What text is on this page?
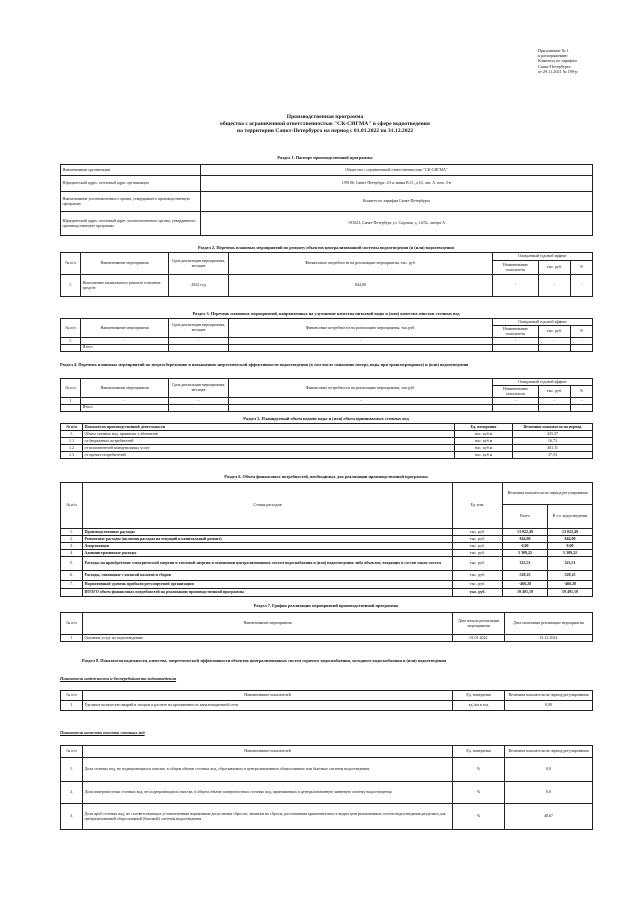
Приложение № 1
к распоряжению
Комитета по тарифам
Санкт-Петербурга
от 29.11.2021 № 199-р
Производственная программа
общества с ограниченной ответственностью "СК-СИГМА" в сфере водоотведения
на территории Санкт-Петербурга на период с 01.01.2022 по 31.12.2022
Раздел 1. Паспорт производственной программы
Наименование организации	Общество с ограниченной ответственностью "СК-СИГМА"
Юридический адрес, почтовый адрес организации	199106, Санкт-Петербург, 23-я линия В.О., д.10, лит. А, пом. 3-н
Наименование уполномоченного органа, утвердившего производственную программу	Комитет по тарифам Санкт-Петербурга
Юридический адрес, почтовый адрес уполномоченного органа, утвердившего производственную программу	191023, Санкт-Петербург, ул. Садовая, д. 14/52, литера А
Раздел 2. Перечень плановых мероприятий по ремонту объектов централизованной системы водоотведения (и (или) водоотведения
№ п/п	Наименование мероприятия	Срок реализации мероприятия, месяцев	Финансовые потребности на реализацию мероприятия, тыс. руб.	Ожидаемый годовой эффект		
				Наименование показателя	тыс. руб.	%
1.	Выполнение капитального ремонта основных средств	2022 год	844,00	-	-	-
Раздел 3. Перечень плановых мероприятий, направленных на улучшение качества питьевой воды и (или) качества очистки сточных вод
№ п/п	Наименование мероприятия	Срок реализации мероприятия, месяцев	Финансовые потребности на реализацию мероприятия, тыс.руб.	Ожидаемый годовой эффект		
				Наименование показателя	тыс. руб.	%
1.	-	-	-	-	-	-
	Итого					
Раздел 4. Перечень плановых мероприятий по энергосбережению и повышению энергетической эффективности водоотведения (в том числе снижению потерь воды при транспортировке) и (или) водоотведения
№ п/п	Наименование мероприятия	Срок реализации мероприятия, месяцев	Финансовые потребности на реализацию мероприятия, тыс.руб.	Ожидаемый годовой эффект		
				Наименование показателя	тыс. руб.	%
1	-	-	-	-	-	-
	Итого					
Раздел 5. Планируемый объем подачи воды и (или) объем принимаемых сточных вод
№ п/п	Показатели производственной деятельности	Ед. измерения	Величина показателя на период
1.	Объем сточных вод, принятых у абонентов	тыс. куб.м	435,37
1.1	от бюджетных потребителей	тыс. куб.м	16,72
1.2	от исполнителей коммунальных услуг	тыс. куб.м	381,11
1.3	от прочих потребителей	тыс. куб.м	37,53
Раздел 6. Объем финансовых потребностей, необходимых для реализации производственной программы
№ п/п	Статьи расходов	Ед. изм.	Величина показателя на период регулирования	
			Всего	В т.ч. водоотведение
1.	Производственные расходы	тыс. руб.	13 022,49	13 022,49
2.	Ремонтные расходы (включая расходы на текущий и капитальный ремонт)	тыс. руб.	844,00	844,00
3.	Амортизация	тыс. руб.	0,00	0,00
4.	Административные расходы	тыс. руб.	5 309,22	5 309,22
5.	Расходы на приобретение электрической энергии и тепловой энергии в отношении централизованных систем водоснабжения и (или) водоотведения либо объектов, входящих в состав таких систем	тыс. руб.	323,51	323,51
6.	Расходы, связанные с оплатой налогов и сборов	тыс. руб.	528,25	528,25
7.	Нормативный уровень прибыли регулируемой организации	тыс. руб.	-466,28	-466,28
	ИТОГО объем финансовых потребностей на реализацию производственной программы	тыс. руб.	19 491,19	19 491,19
Раздел 7. График реализации мероприятий производственной программы
№ п/п	Наименование мероприятия	Дата начала реализации мероприятия	Дата окончания реализации мероприятия
1	Оказание услуг по водоотведению	01.01.2022	31.12.2022
Раздел 8. Показатели надежности, качества, энергетической эффективности объектов централизованных систем горячего водоснабжения, холодного водоснабжения и (или) водоотведения
Показатели надежности и бесперебойности водоотведения
№ п/п	Наименование показателей	Ед. измерения	Величина показателя на период регулирования
1	Удельное количество аварий и засоров в расчете на протяженность канализационной сети	ед./км в год	0,00
Показатели качества очистки сточных вод
№ п/п	Наименование показателей	Ед. измерения	Величина показателя на период регулирования
1.	Доля сточных вод, не подвергающихся очистке, в общем объеме сточных вод, сбрасываемых в централизованные общесплавные или бытовые системы водоотведения	%	0,0
2.	Доля поверхностных сточных вод, не подвергающихся очистке, в общем объеме поверхностных сточных вод, принимаемых в централизованную ливневую систему водоотведения	%	0,0
3.	Доля проб сточных вод, не соответствующих установленным нормативам допустимых сбросов, лимитам на сбросы, рассчитанная применительно к видам централизованных систем водоотведения раздельно для централизованной общесплавной (бытовой) системы водоотведения	%	48,67
